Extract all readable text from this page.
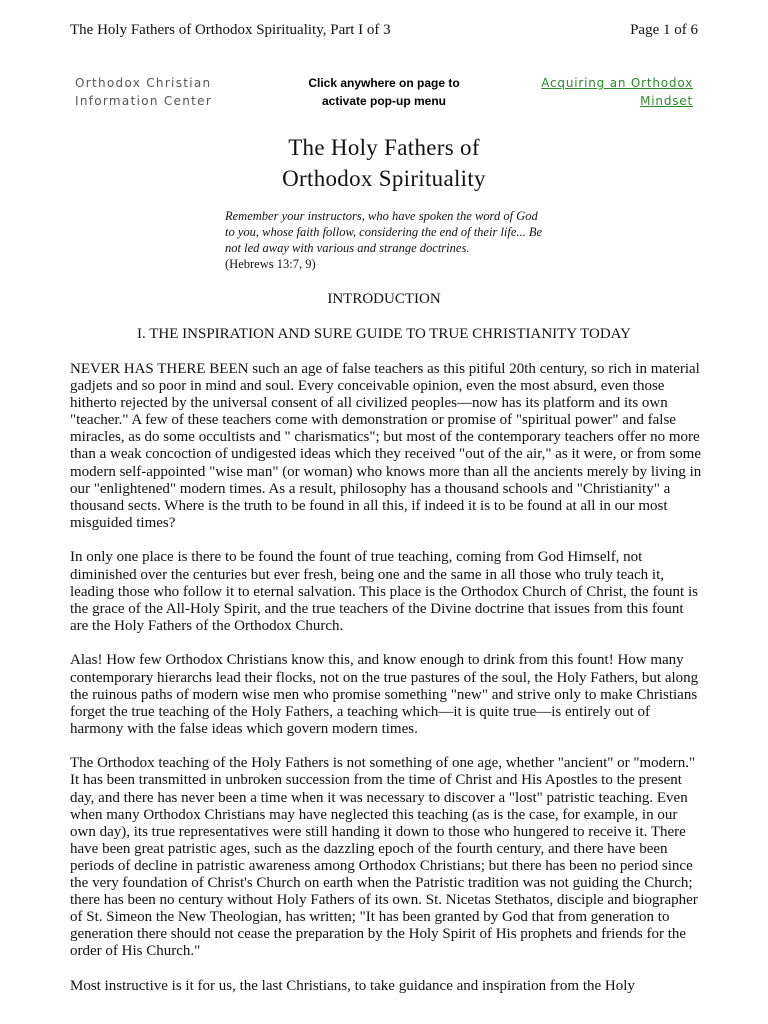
The Holy Fathers of Orthodox Spirituality, Part I of 3	Page 1 of 6
Orthodox Christian
Information Center
Click anywhere on page to
activate pop-up menu
Acquiring an Orthodox
Mindset
The Holy Fathers of
Orthodox Spirituality
Remember your instructors, who have spoken the word of God to you, whose faith follow, considering the end of their life... Be not led away with various and strange doctrines.
(Hebrews 13:7, 9)
INTRODUCTION
I. THE INSPIRATION AND SURE GUIDE TO TRUE CHRISTIANITY TODAY

NEVER HAS THERE BEEN such an age of false teachers as this pitiful 20th century, so rich in material gadjets and so poor in mind and soul. Every conceivable opinion, even the most absurd, even those hitherto rejected by the universal consent of all civilized peoples—now has its platform and its own "teacher." A few of these teachers come with demonstration or promise of "spiritual power" and false miracles, as do some occultists and " charismatics"; but most of the contemporary teachers offer no more than a weak concoction of undigested ideas which they received "out of the air," as it were, or from some modern self-appointed "wise man" (or woman) who knows more than all the ancients merely by living in our "enlightened" modern times. As a result, philosophy has a thousand schools and "Christianity" a thousand sects. Where is the truth to be found in all this, if indeed it is to be found at all in our most misguided times?

In only one place is there to be found the fount of true teaching, coming from God Himself, not diminished over the centuries but ever fresh, being one and the same in all those who truly teach it, leading those who follow it to eternal salvation. This place is the Orthodox Church of Christ, the fount is the grace of the All-Holy Spirit, and the true teachers of the Divine doctrine that issues from this fount are the Holy Fathers of the Orthodox Church.

Alas! How few Orthodox Christians know this, and know enough to drink from this fount! How many contemporary hierarchs lead their flocks, not on the true pastures of the soul, the Holy Fathers, but along the ruinous paths of modern wise men who promise something "new" and strive only to make Christians forget the true teaching of the Holy Fathers, a teaching which—it is quite true—is entirely out of harmony with the false ideas which govern modern times.

The Orthodox teaching of the Holy Fathers is not something of one age, whether "ancient" or "modern." It has been transmitted in unbroken succession from the time of Christ and His Apostles to the present day, and there has never been a time when it was necessary to discover a "lost" patristic teaching. Even when many Orthodox Christians may have neglected this teaching (as is the case, for example, in our own day), its true representatives were still handing it down to those who hungered to receive it. There have been great patristic ages, such as the dazzling epoch of the fourth century, and there have been periods of decline in patristic awareness among Orthodox Christians; but there has been no period since the very foundation of Christ's Church on earth when the Patristic tradition was not guiding the Church; there has been no century without Holy Fathers of its own. St. Nicetas Stethatos, disciple and biographer of St. Simeon the New Theologian, has written; "It has been granted by God that from generation to generation there should not cease the preparation by the Holy Spirit of His prophets and friends for the order of His Church."

Most instructive is it for us, the last Christians, to take guidance and inspiration from the Holy
